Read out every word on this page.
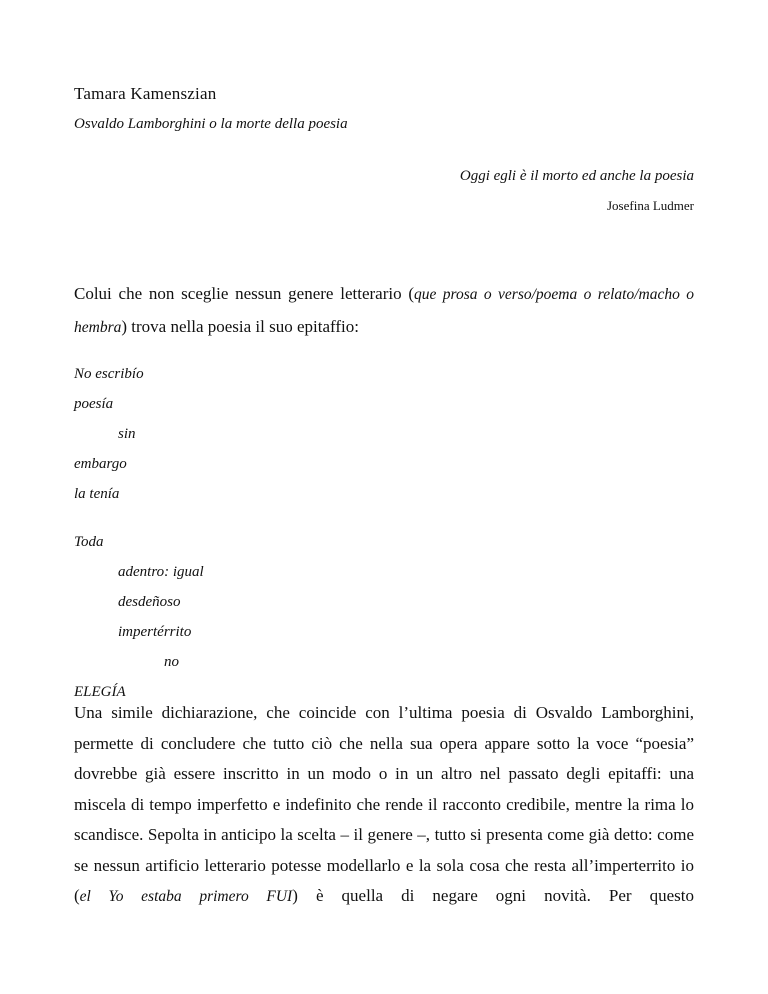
Tamara Kamenszian
Osvaldo Lamborghini o la morte della poesia
Oggi egli è il morto ed anche la poesia
Josefina Ludmer
Colui che non sceglie nessun genere letterario (que prosa o verso/poema o relato/macho o hembra) trova nella poesia il suo epitaffio:
No escribío
poesía
sin
embargo
la tenía
Toda
adentro: igual
desdeñoso
impertérrito
no
ELEGÍA
Una simile dichiarazione, che coincide con l’ultima poesia di Osvaldo Lamborghini, permette di concludere che tutto ciò che nella sua opera appare sotto la voce “poesia” dovrebbe già essere inscritto in un modo o in un altro nel passato degli epitaffi: una miscela di tempo imperfetto e indefinito che rende il racconto credibile, mentre la rima lo scandisce. Sepolta in anticipo la scelta – il genere –, tutto si presenta come già detto: come se nessun artificio letterario potesse modellarlo e la sola cosa che resta all’imperterrito io (el Yo estaba primero FUI) è quella di negare ogni novità. Per questo
